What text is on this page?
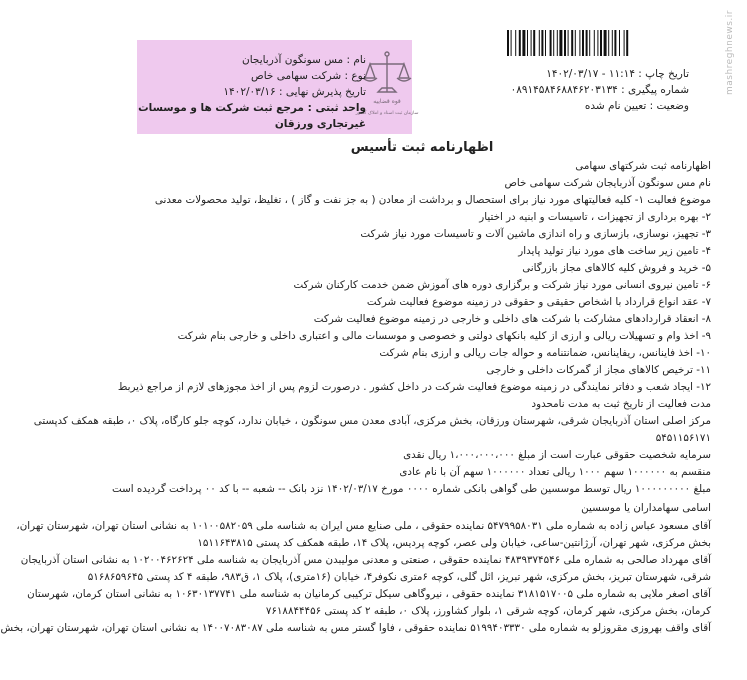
تاریخ چاپ : ۱۱:۱۴ - ۱۴۰۲/۰۳/۱۷
شماره پیگیری : ۰۸۹۱۴۵۸۴۶۸۸۴۶۲۰۳۱۳۴
وضعیت : تعیین نام شده
mashreghnews.ir
قوه قضاییه
سازمان ثبت اسناد و املاک کشور
نام : مس سونگون آذربایجان
نوع : شرکت سهامی خاص
تاریخ پذیرش نهایی : ۱۴۰۲/۰۳/۱۶
واحد ثبتی : مرجع ثبت شرکت ها و موسسات غیرتجاری ورزقان
اظهارنامه ثبت تأسیس
اظهارنامه ثبت شرکتهای سهامی
نام مس سونگون آذربایجان شرکت سهامی خاص
موضوع فعالیت ۱- کلیه فعالیتهای مورد نیاز برای استحصال و برداشت از معادن ( به جز نفت و گاز ) ، تغلیظ، تولید محصولات معدنی
۲- بهره برداری از تجهیزات ، تاسیسات و ابنیه در اختیار
۳- تجهیز، نوسازی، بازسازی و راه اندازی ماشین آلات و تاسیسات مورد نیاز شرکت
۴- تامین زیر ساخت های مورد نیاز تولید پایدار
۵- خرید و فروش کلیه کالاهای مجاز بازرگانی
۶- تامین نیروی انسانی مورد نیاز شرکت و برگزاری دوره های آموزش ضمن خدمت کارکنان شرکت
۷- عقد انواع قرارداد با اشخاص حقیقی و حقوقی در زمینه موضوع فعالیت شرکت
۸- انعقاد قراردادهای مشارکت با شرکت های داخلی و خارجی در زمینه موضوع فعالیت شرکت
۹- اخذ وام و تسهیلات ریالی و ارزی از کلیه بانکهای دولتی و خصوصی و موسسات مالی و اعتباری داخلی و خارجی بنام شرکت
۱۰- اخذ فاینانس، ریفاینانس، ضمانتنامه و حواله جات ریالی و ارزی بنام شرکت
۱۱- ترخیص کالاهای مجاز از گمرکات داخلی و خارجی
۱۲- ایجاد شعب و دفاتر نمایندگی در زمینه موضوع فعالیت شرکت در داخل کشور . درصورت لزوم پس از اخذ مجوزهای لازم از مراجع ذیربط
مدت فعالیت از تاریخ ثبت به مدت نامحدود
مرکز اصلی استان آذربایجان شرقی، شهرستان ورزقان، بخش مرکزی، آبادی معدن مس سونگون ، خیابان ندارد، کوچه جلو کارگاه، پلاک ۰، طبقه همکف کدپستی
۵۴۵۱۱۵۶۱۷۱
سرمایه شخصیت حقوقی عبارت است از مبلغ ۱،۰۰۰،۰۰۰،۰۰۰ ریال نقدی
منقسم به ۱۰۰۰۰۰۰ سهم ۱۰۰۰ ریالی تعداد ۱۰۰۰۰۰۰ سهم آن با نام عادی
مبلغ ۱۰۰۰۰۰۰۰۰۰ ریال توسط موسسین طی گواهی بانکی شماره ۰۰۰۰ مورخ ۱۴۰۲/۰۳/۱۷ نزد بانک -- شعبه -- با کد ۰۰ پرداخت گردیده است
اسامی سهامداران یا موسسین
آقای مسعود عباس زاده به شماره ملی ۵۴۷۹۹۵۸۰۳۱ نماینده حقوقی ، ملی صنایع مس ایران به شناسه ملی ۱۰۱۰۰۵۸۲۰۵۹ به نشانی استان تهران، شهرستان تهران،
بخش مرکزی، شهر تهران، آرژانتین-ساعی، خیابان ولی عصر، کوچه پردیس، پلاک ۱۴، طبقه همکف کد پستی ۱۵۱۱۶۴۳۸۱۵
آقای مهرداد صالحی به شماره ملی ۴۸۳۹۳۷۴۵۴۶ نماینده حقوقی ، صنعتی و معدنی مولیبدن مس آذربایجان به شناسه ملی ۱۰۲۰۰۴۶۲۶۲۴ به نشانی استان آذربایجان
شرقی، شهرستان تبریز، بخش مرکزی، شهر تبریز، ائل گلی، کوچه ۶متری نکوفر۴، خیابان (۱۶متری)، پلاک ۱، ق۹۸۳، طبقه ۴ کد پستی ۵۱۶۸۶۵۹۶۴۵
آقای اصغر ملایی به شماره ملی ۳۱۸۱۵۱۷۰۰۵ نماینده حقوقی ، نیروگاهی سیکل ترکیبی کرمانیان به شناسه ملی ۱۰۶۳۰۱۳۷۷۴۱ به نشانی استان کرمان، شهرستان
کرمان، بخش مرکزی، شهر کرمان، کوچه شرقی ۱، بلوار کشاورز، پلاک ۰، طبقه ۲ کد پستی ۷۶۱۸۸۴۴۴۵۶
آقای واقف بهروزی مقروزلو به شماره ملی ۵۱۹۹۴۰۳۳۳۰ نماینده حقوقی ، فاوا گستر مس به شناسه ملی ۱۴۰۰۷۰۸۳۰۸۷ به نشانی استان تهران، شهرستان تهران، بخش
